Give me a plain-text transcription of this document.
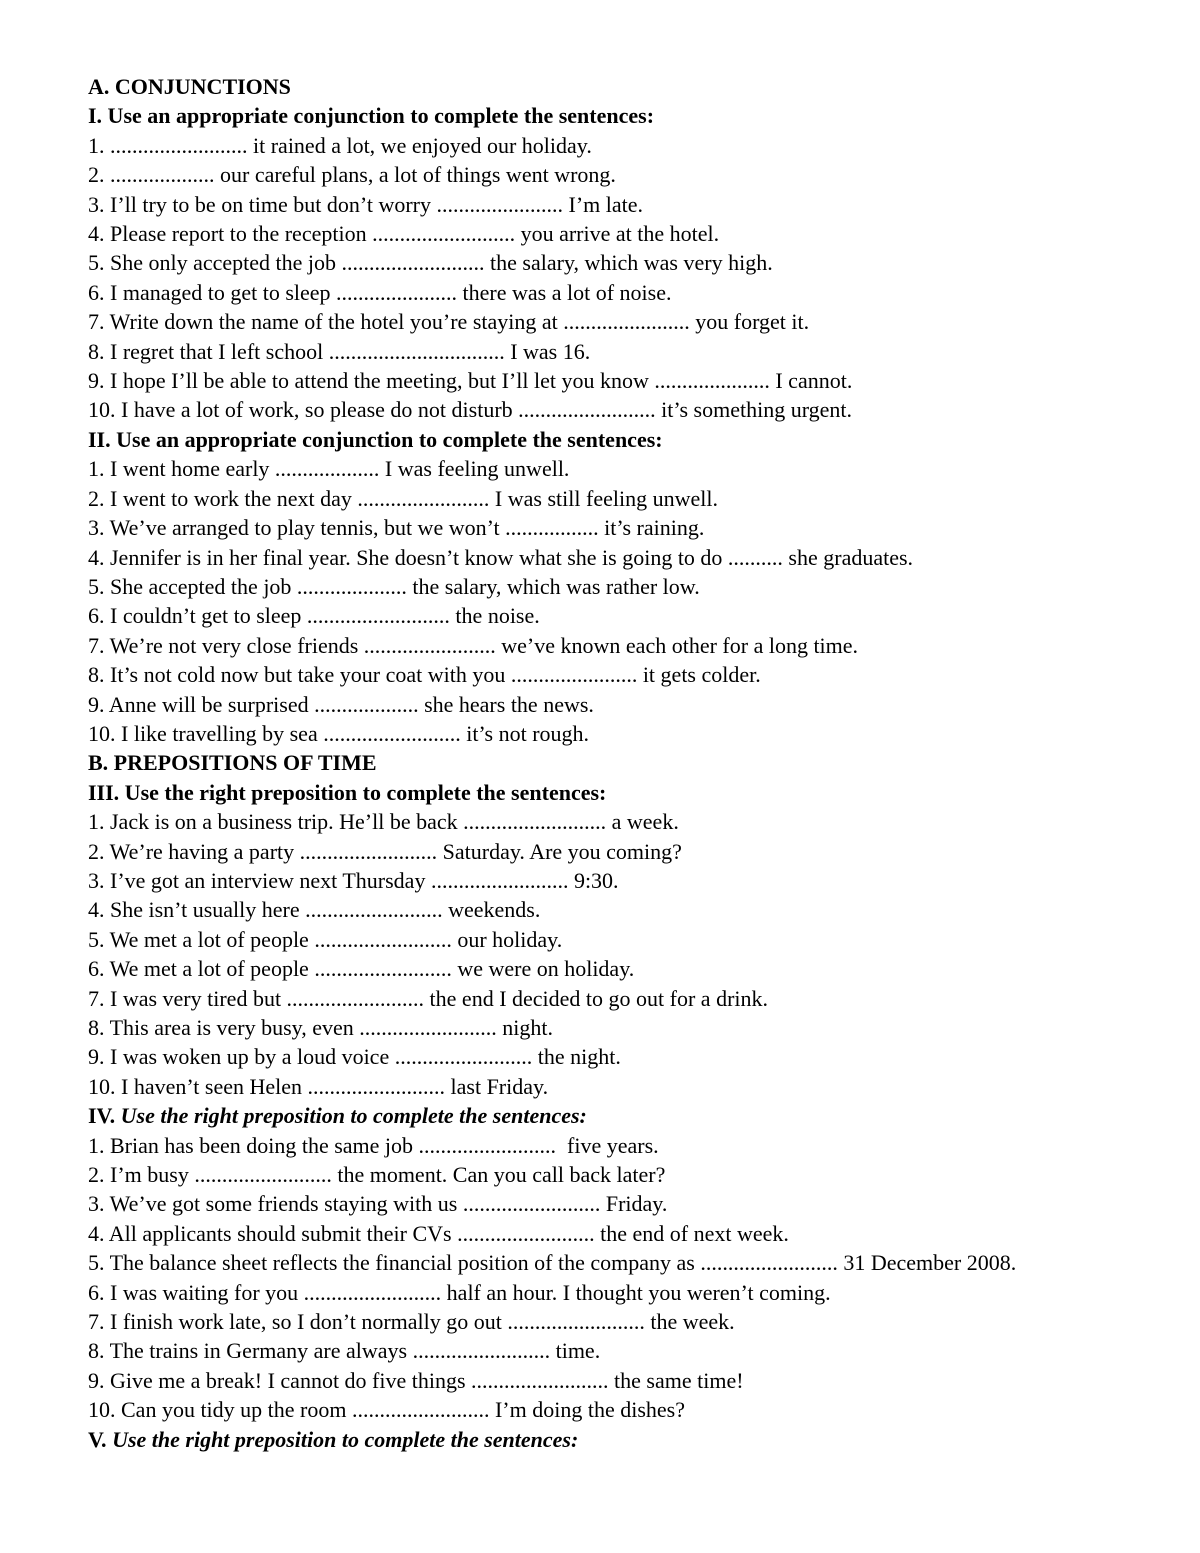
A. CONJUNCTIONS
I. Use an appropriate conjunction to complete the sentences:
1. ......................... it rained a lot, we enjoyed our holiday.
2. ................... our careful plans, a lot of things went wrong.
3. I’ll try to be on time but don’t worry ....................... I’m late.
4. Please report to the reception .......................... you arrive at the hotel.
5. She only accepted the job .......................... the salary, which was very high.
6. I managed to get to sleep ...................... there was a lot of noise.
7. Write down the name of the hotel you’re staying at ....................... you forget it.
8. I regret that I left school ................................ I was 16.
9. I hope I’ll be able to attend the meeting, but I’ll let you know ..................... I cannot.
10. I have a lot of work, so please do not disturb ......................... it’s something urgent.
II. Use an appropriate conjunction to complete the sentences:
1. I went home early ................... I was feeling unwell.
2. I went to work the next day ........................ I was still feeling unwell.
3. We’ve arranged to play tennis, but we won’t ................. it’s raining.
4. Jennifer is in her final year. She doesn’t know what she is going to do .......... she graduates.
5. She accepted the job .................... the salary, which was rather low.
6. I couldn’t get to sleep .......................... the noise.
7. We’re not very close friends ........................ we’ve known each other for a long time.
8. It’s not cold now but take your coat with you ....................... it gets colder.
9. Anne will be surprised ................... she hears the news.
10. I like travelling by sea ......................... it’s not rough.
B. PREPOSITIONS OF TIME
III. Use the right preposition to complete the sentences:
1. Jack is on a business trip. He’ll be back .......................... a week.
2. We’re having a party ......................... Saturday. Are you coming?
3. I’ve got an interview next Thursday ......................... 9:30.
4. She isn’t usually here ......................... weekends.
5. We met a lot of people ......................... our holiday.
6. We met a lot of people ......................... we were on holiday.
7. I was very tired but ......................... the end I decided to go out for a drink.
8. This area is very busy, even ......................... night.
9. I was woken up by a loud voice ......................... the night.
10. I haven’t seen Helen ......................... last Friday.
IV. Use the right preposition to complete the sentences:
1. Brian has been doing the same job .........................  five years.
2. I’m busy ......................... the moment. Can you call back later?
3. We’ve got some friends staying with us ......................... Friday.
4. All applicants should submit their CVs ......................... the end of next week.
5. The balance sheet reflects the financial position of the company as ......................... 31 December 2008.
6. I was waiting for you ......................... half an hour. I thought you weren’t coming.
7. I finish work late, so I don’t normally go out ......................... the week.
8. The trains in Germany are always ......................... time.
9. Give me a break! I cannot do five things ......................... the same time!
10. Can you tidy up the room ......................... I’m doing the dishes?
V. Use the right preposition to complete the sentences:
